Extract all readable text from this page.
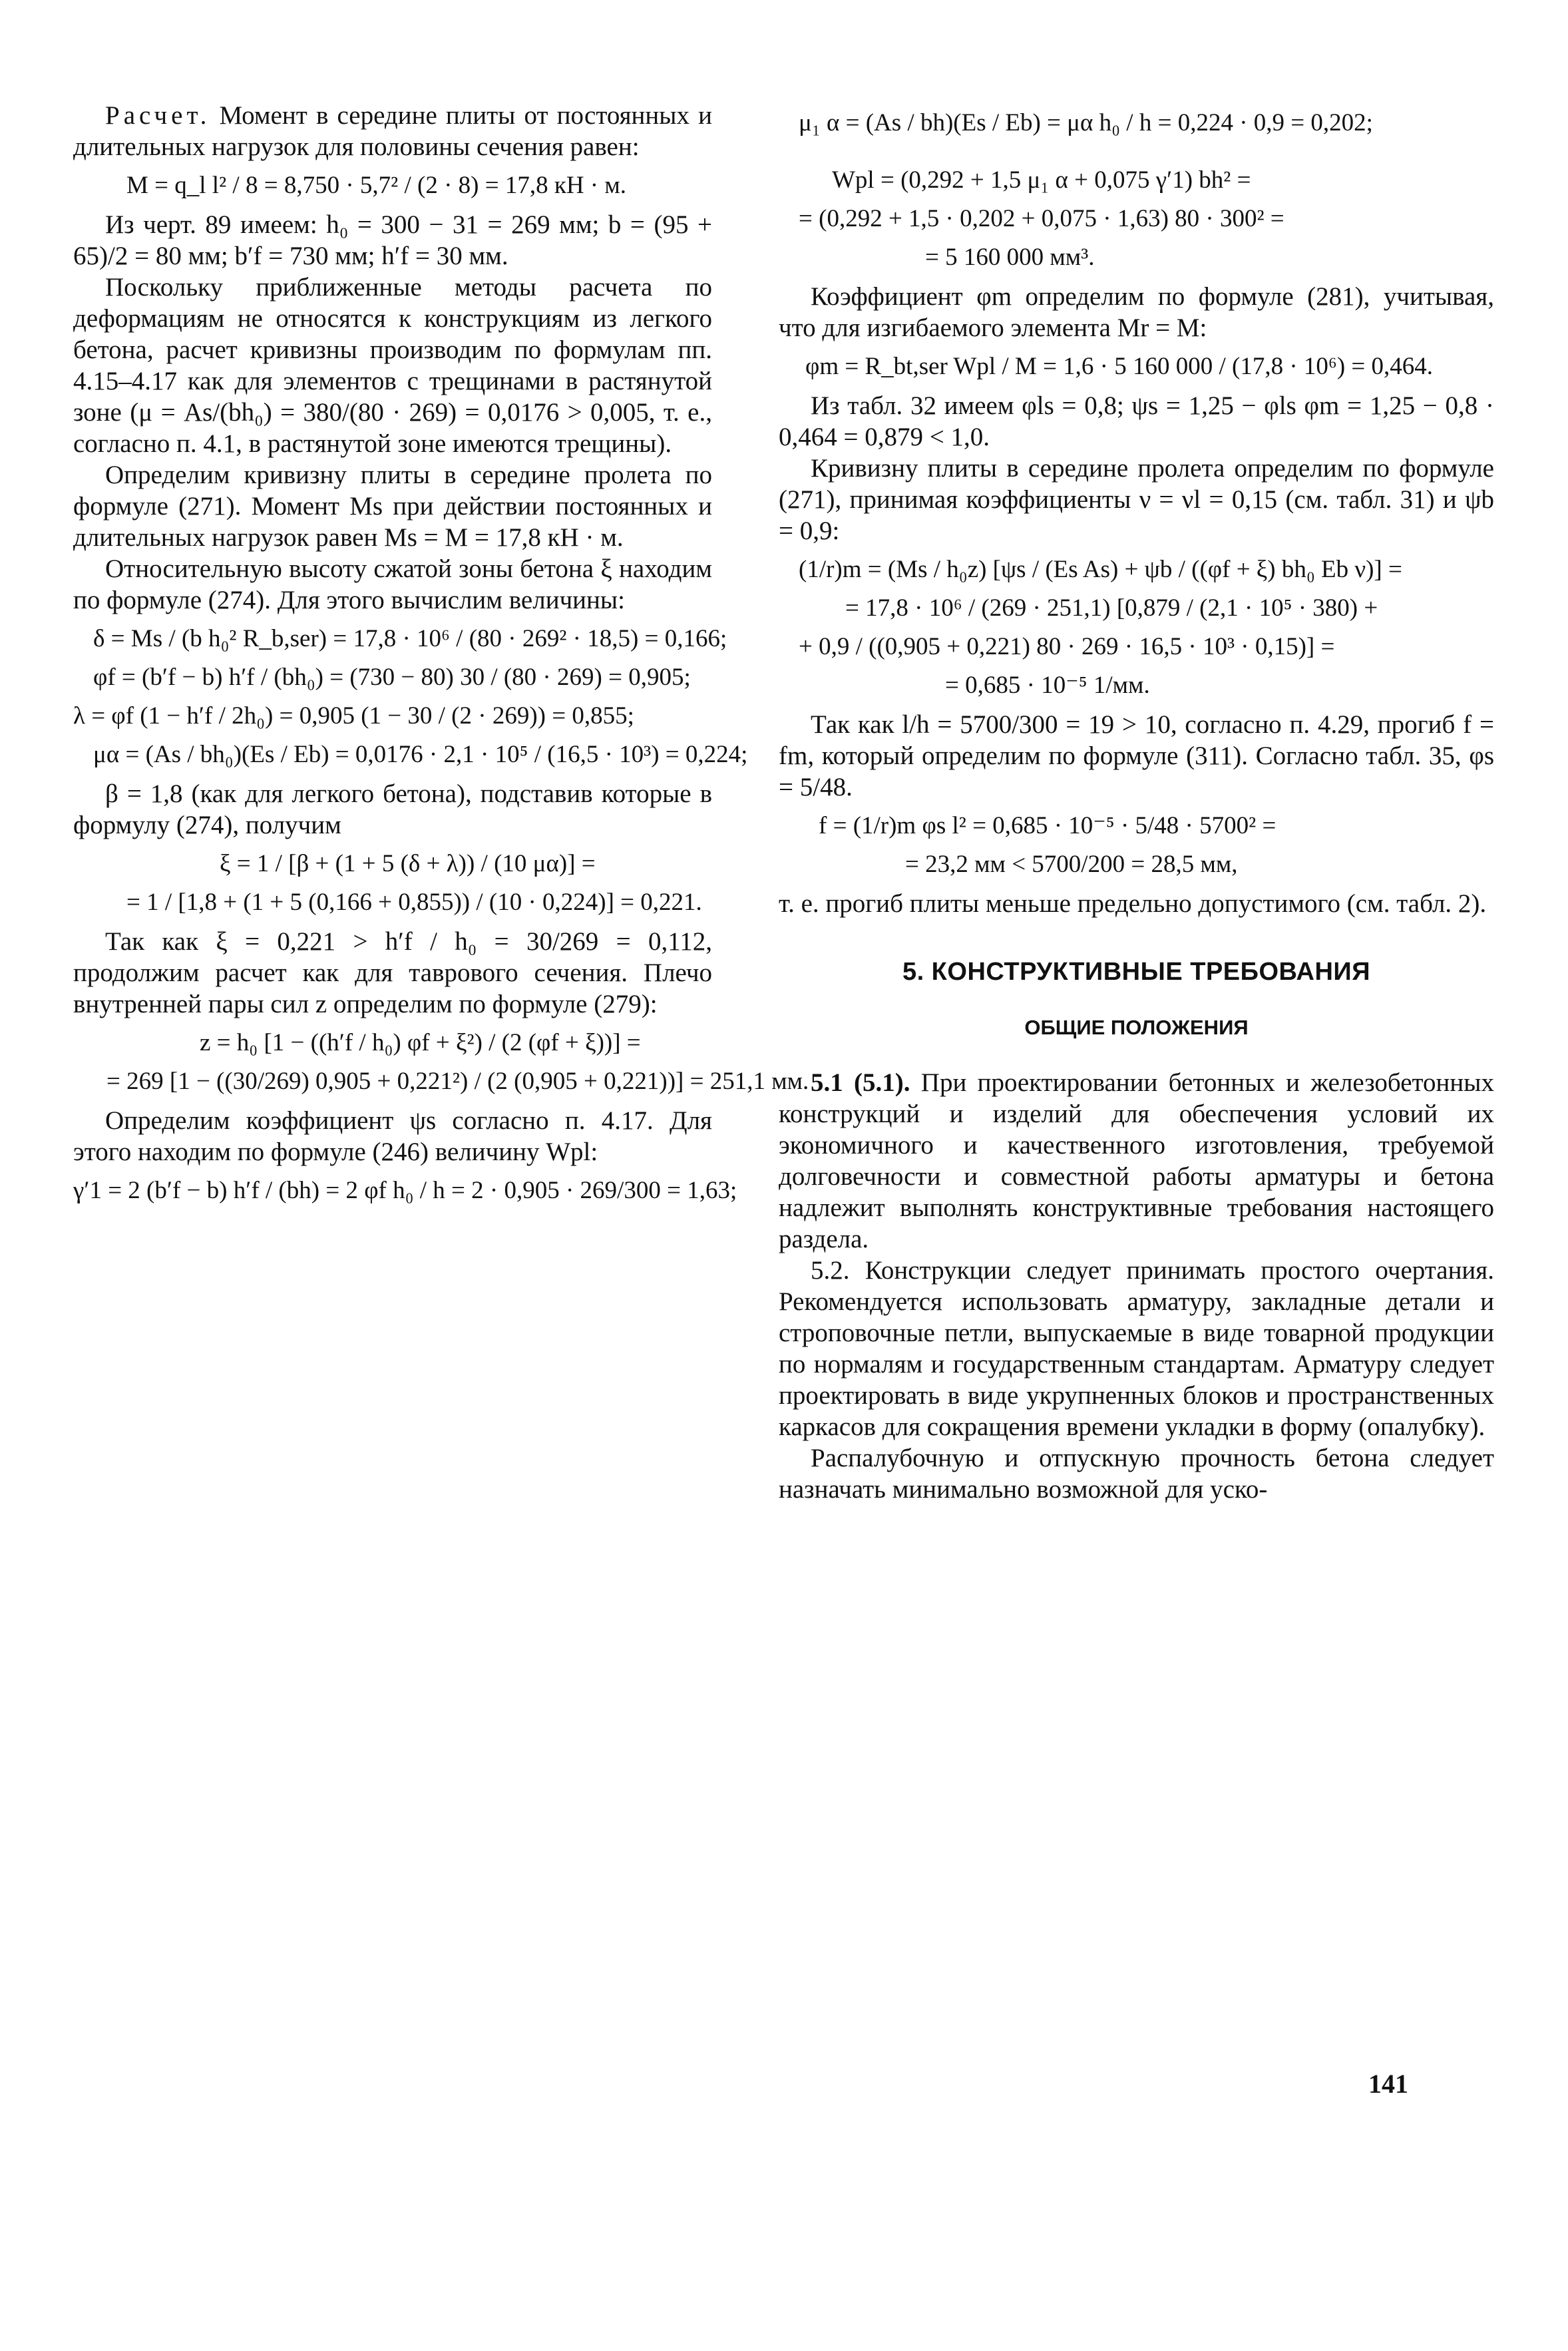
Расчет. Момент в середине плиты от постоянных и длительных нагрузок для половины сечения равен:

M = q_l l² / 8 = 8,750 · 5,7² / (2 · 8) = 17,8 кН · м.

Из черт. 89 имеем: h₀ = 300 − 31 = 269 мм; b = (95 + 65)/2 = 80 мм; b′f = 730 мм; h′f = 30 мм.

Поскольку приближенные методы расчета по деформациям не относятся к конструкциям из легкого бетона, расчет кривизны производим по формулам пп. 4.15–4.17 как для элементов с трещинами в растянутой зоне (μ = As/(bh₀) = 380/(80 · 269) = 0,0176 > 0,005, т. е., согласно п. 4.1, в растянутой зоне имеются трещины).

Определим кривизну плиты в середине пролета по формуле (271). Момент Ms при действии постоянных и длительных нагрузок равен Ms = M = 17,8 кН · м.

Относительную высоту сжатой зоны бетона ξ находим по формуле (274). Для этого вычислим величины:

δ = Ms / (b h₀² R_b,ser) = 17,8 · 10⁶ / (80 · 269² · 18,5) = 0,166;

φf = (b′f − b) h′f / (bh₀) = (730 − 80) 30 / (80 · 269) = 0,905;

λ = φf (1 − h′f / 2h₀) = 0,905 (1 − 30 / (2 · 269)) = 0,855;

μα = (As / bh₀)(Es / Eb) = 0,0176 · 2,1 · 10⁵ / (16,5 · 10³) = 0,224;

β = 1,8 (как для легкого бетона), подставив которые в формулу (274), получим

ξ = 1 / [β + (1 + 5 (δ + λ)) / (10 μα)] =

= 1 / [1,8 + (1 + 5 (0,166 + 0,855)) / (10 · 0,224)] = 0,221.

Так как ξ = 0,221 > h′f / h₀ = 30/269 = 0,112, продолжим расчет как для таврового сечения. Плечо внутренней пары сил z определим по формуле (279):

z = h₀ [1 − ((h′f / h₀) φf + ξ²) / (2 (φf + ξ))] =

= 269 [1 − ((30/269) 0,905 + 0,221²) / (2 (0,905 + 0,221))] = 251,1 мм.

Определим коэффициент ψs согласно п. 4.17. Для этого находим по формуле (246) величину Wpl:

γ′1 = 2 (b′f − b) h′f / (bh) = 2 φf h₀ / h = 2 · 0,905 · 269/300 = 1,63;

μ₁ α = (As / bh)(Es / Eb) = μα h₀ / h = 0,224 · 0,9 = 0,202;

Wpl = (0,292 + 1,5 μ₁ α + 0,075 γ′1) bh² =

= (0,292 + 1,5 · 0,202 + 0,075 · 1,63) 80 · 300² =

= 5 160 000 мм³.

Коэффициент φm определим по формуле (281), учитывая, что для изгибаемого элемента Mr = M:

φm = R_bt,ser Wpl / M = 1,6 · 5 160 000 / (17,8 · 10⁶) = 0,464.

Из табл. 32 имеем φls = 0,8; ψs = 1,25 − φls φm = 1,25 − 0,8 · 0,464 = 0,879 < 1,0.

Кривизну плиты в середине пролета определим по формуле (271), принимая коэффициенты ν = νl = 0,15 (см. табл. 31) и ψb = 0,9:

(1/r)m = (Ms / h₀z) [ψs / (Es As) + ψb / ((φf + ξ) bh₀ Eb ν)] =

= 17,8 · 10⁶ / (269 · 251,1) [0,879 / (2,1 · 10⁵ · 380) +

+ 0,9 / ((0,905 + 0,221) 80 · 269 · 16,5 · 10³ · 0,15)] =

= 0,685 · 10⁻⁵ 1/мм.

Так как l/h = 5700/300 = 19 > 10, согласно п. 4.29, прогиб f = fm, который определим по формуле (311). Согласно табл. 35, φs = 5/48.

f = (1/r)m φs l² = 0,685 · 10⁻⁵ · 5/48 · 5700² =

= 23,2 мм < 5700/200 = 28,5 мм,

т. е. прогиб плиты меньше предельно допустимого (см. табл. 2).

5. КОНСТРУКТИВНЫЕ ТРЕБОВАНИЯ
ОБЩИЕ ПОЛОЖЕНИЯ

5.1 (5.1). При проектировании бетонных и железобетонных конструкций и изделий для обеспечения условий их экономичного и качественного изготовления, требуемой долговечности и совместной работы арматуры и бетона надлежит выполнять конструктивные требования настоящего раздела.

5.2. Конструкции следует принимать простого очертания. Рекомендуется использовать арматуру, закладные детали и строповочные петли, выпускаемые в виде товарной продукции по нормалям и государственным стандартам. Арматуру следует проектировать в виде укрупненных блоков и пространственных каркасов для сокращения времени укладки в форму (опалубку).

Распалубочную и отпускную прочность бетона следует назначать минимально возможной для уско-

141
